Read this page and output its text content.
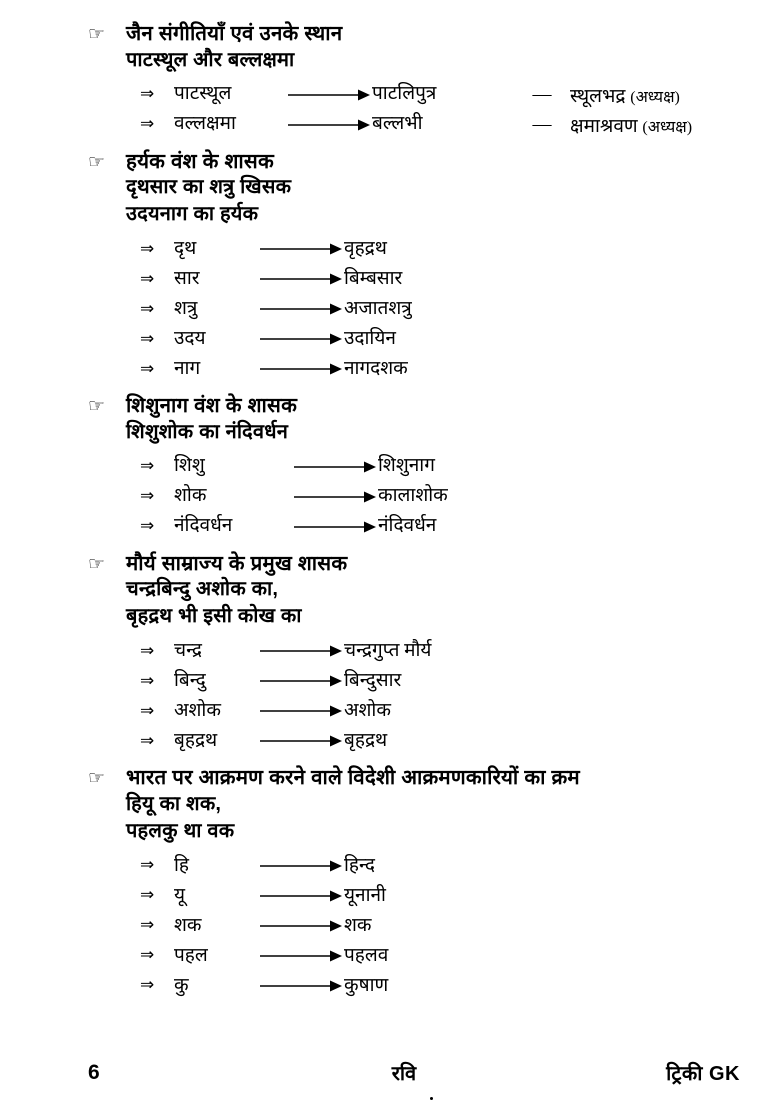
☞	जैन संगीतियाँ एवं उनके स्थान
पाटस्थूल और बल्लक्षमा
⇒	पाटस्थूल	पाटलिपुत्र	— स्थूलभद्र (अध्यक्ष)
⇒	वल्लक्षमा	बल्लभी	— क्षमाश्रवण (अध्यक्ष)
☞	हर्यक वंश के शासक
दृथसार का शत्रु खिसक
उदयनाग का हर्यक
⇒	दृथ	वृहद्रथ
⇒	सार	बिम्बसार
⇒	शत्रु	अजातशत्रु
⇒	उदय	उदायिन
⇒	नाग	नागदशक
☞	शिशुनाग वंश के शासक
शिशुशोक का नंदिवर्धन
⇒	शिशु	शिशुनाग
⇒	शोक	कालाशोक
⇒	नंदिवर्धन	नंदिवर्धन
☞	मौर्य साम्राज्य के प्रमुख शासक
चन्द्रबिन्दु अशोक का,
बृहद्रथ भी इसी कोख का
⇒	चन्द्र	चन्द्रगुप्त मौर्य
⇒	बिन्दु	बिन्दुसार
⇒	अशोक	अशोक
⇒	बृहद्रथ	बृहद्रथ
☞	भारत पर आक्रमण करने वाले विदेशी आक्रमणकारियों का क्रम
हियू का शक,
पहलकु था वक
⇒	हि	हिन्द
⇒	यू	यूनानी
⇒	शक	शक
⇒	पहल	पहलव
⇒	कु	कुषाण
6	रवि	ट्रिकी GK
